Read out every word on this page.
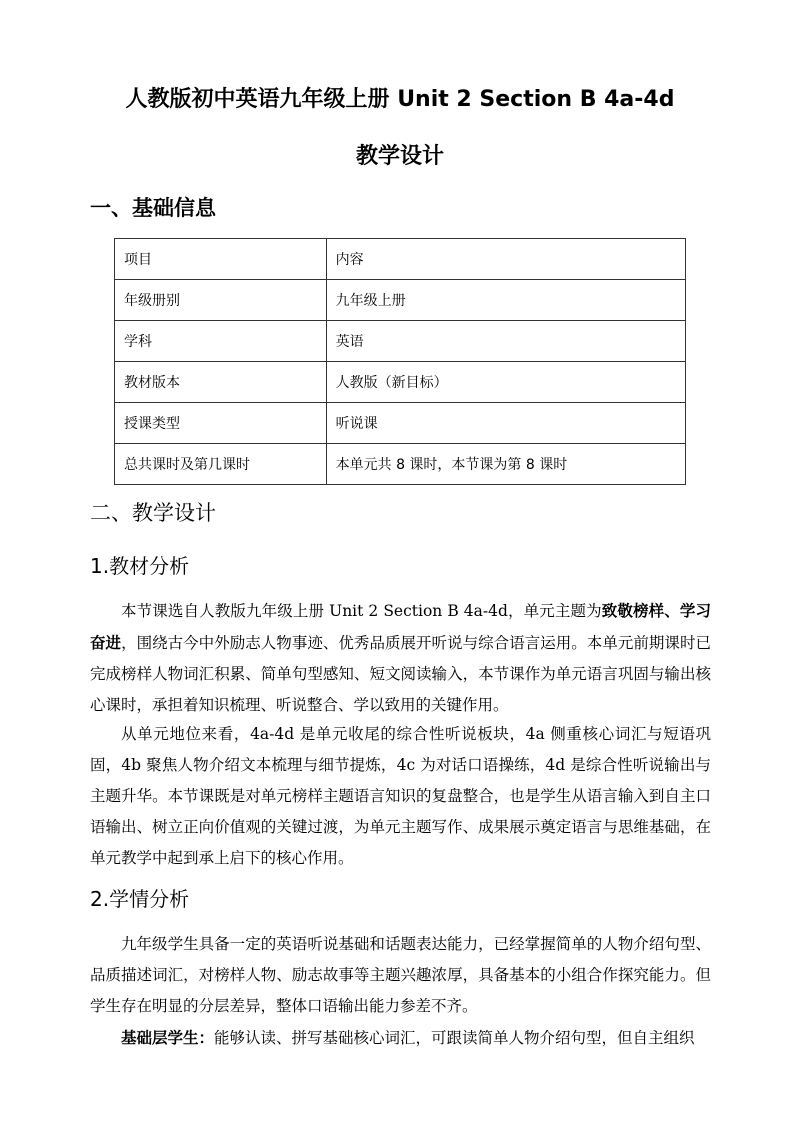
人教版初中英语九年级上册 Unit 2 Section B 4a-4d
教学设计
一、基础信息
项目	内容
年级册别	九年级上册
学科	英语
教材版本	人教版（新目标）
授课类型	听说课
总共课时及第几课时	本单元共 8 课时，本节课为第 8 课时
二、教学设计
1.教材分析
本节课选自人教版九年级上册 Unit 2 Section B 4a-4d，单元主题为致敬榜样、学习奋进，围绕古今中外励志人物事迹、优秀品质展开听说与综合语言运用。本单元前期课时已完成榜样人物词汇积累、简单句型感知、短文阅读输入，本节课作为单元语言巩固与输出核心课时，承担着知识梳理、听说整合、学以致用的关键作用。
从单元地位来看，4a-4d 是单元收尾的综合性听说板块，4a 侧重核心词汇与短语巩固，4b 聚焦人物介绍文本梳理与细节提炼，4c 为对话口语操练，4d 是综合性听说输出与主题升华。本节课既是对单元榜样主题语言知识的复盘整合，也是学生从语言输入到自主口语输出、树立正向价值观的关键过渡，为单元主题写作、成果展示奠定语言与思维基础，在单元教学中起到承上启下的核心作用。
2.学情分析
九年级学生具备一定的英语听说基础和话题表达能力，已经掌握简单的人物介绍句型、品质描述词汇，对榜样人物、励志故事等主题兴趣浓厚，具备基本的小组合作探究能力。但学生存在明显的分层差异，整体口语输出能力参差不齐。
基础层学生：能够认读、拼写基础核心词汇，可跟读简单人物介绍句型，但自主组织
